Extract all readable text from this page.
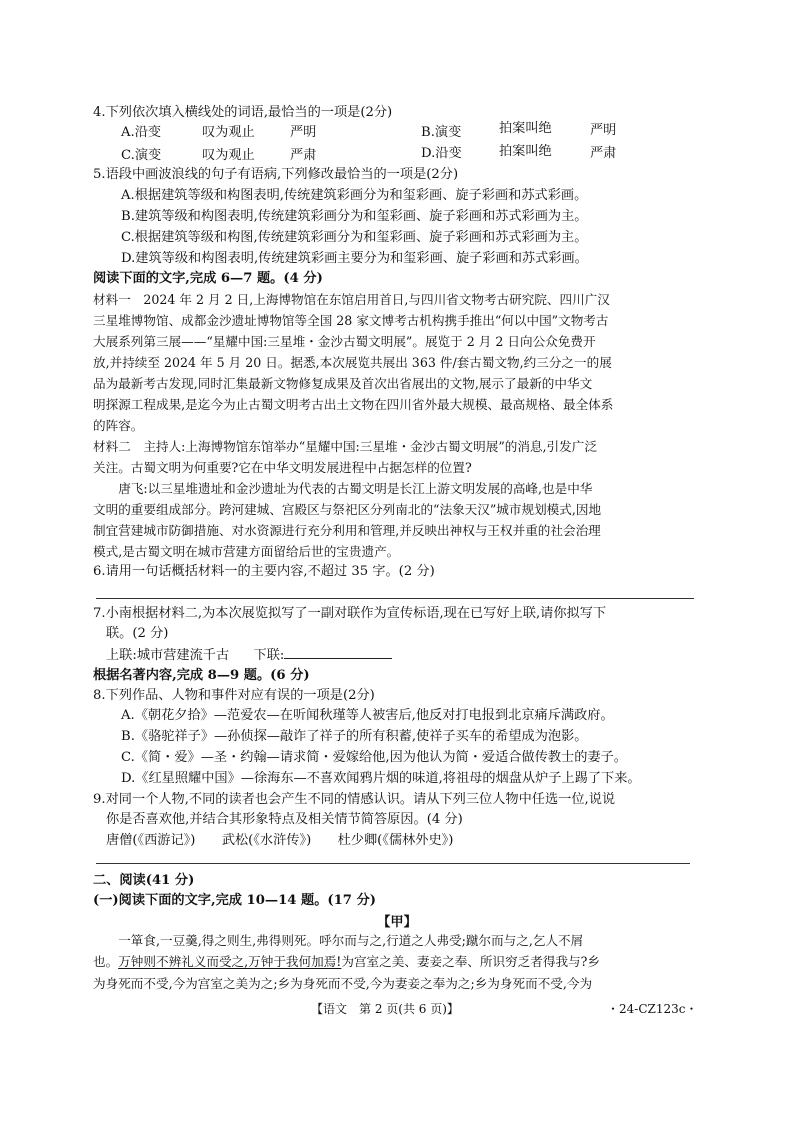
4.下列依次填入横线处的词语,最恰当的一项是(2分)
A.沿变	叹为观止	严明	B.演变	拍案叫绝	严明
C.演变	叹为观止	严肃	D.沿变	拍案叫绝	严肃
5.语段中画波浪线的句子有语病,下列修改最恰当的一项是(2分)
A.根据建筑等级和构图表明,传统建筑彩画分为和玺彩画、旋子彩画和苏式彩画。
B.建筑等级和构图表明,传统建筑彩画分为和玺彩画、旋子彩画和苏式彩画为主。
C.根据建筑等级和构图,传统建筑彩画分为和玺彩画、旋子彩画和苏式彩画为主。
D.建筑等级和构图表明,传统建筑彩画主要分为和玺彩画、旋子彩画和苏式彩画。
阅读下面的文字,完成 6—7 题。(4 分)
材料一　2024 年 2 月 2 日,上海博物馆在东馆启用首日,与四川省文物考古研究院、四川广汉
三星堆博物馆、成都金沙遗址博物馆等全国 28 家文博考古机构携手推出“何以中国”文物考古
大展系列第三展——“星耀中国:三星堆・金沙古蜀文明展”。展览于 2 月 2 日向公众免费开
放,并持续至 2024 年 5 月 20 日。据悉,本次展览共展出 363 件/套古蜀文物,约三分之一的展
品为最新考古发现,同时汇集最新文物修复成果及首次出省展出的文物,展示了最新的中华文
明探源工程成果,是迄今为止古蜀文明考古出土文物在四川省外最大规模、最高规格、最全体系
的阵容。
材料二　主持人:上海博物馆东馆举办“星耀中国:三星堆・金沙古蜀文明展”的消息,引发广泛
关注。古蜀文明为何重要?它在中华文明发展进程中占据怎样的位置?
　　唐飞:以三星堆遗址和金沙遗址为代表的古蜀文明是长江上游文明发展的高峰,也是中华
文明的重要组成部分。跨河建城、宫殿区与祭祀区分列南北的“法象天汉”城市规划模式,因地
制宜营建城市防御措施、对水资源进行充分利用和管理,并反映出神权与王权并重的社会治理
模式,是古蜀文明在城市营建方面留给后世的宝贵遗产。
6.请用一句话概括材料一的主要内容,不超过 35 字。(2 分)
7.小南根据材料二,为本次展览拟写了一副对联作为宣传标语,现在已写好上联,请你拟写下
联。(2 分)
上联:城市营建流千古 下联:
根据名著内容,完成 8—9 题。(6 分)
8.下列作品、人物和事件对应有误的一项是(2分)
A.《朝花夕拾》—范爱农—在听闻秋瑾等人被害后,他反对打电报到北京痛斥满政府。
B.《骆驼祥子》—孙侦探—敲诈了祥子的所有积蓄,使祥子买车的希望成为泡影。
C.《简・爱》—圣・约翰—请求简・爱嫁给他,因为他认为简・爱适合做传教士的妻子。
D.《红星照耀中国》—徐海东—不喜欢闻鸦片烟的味道,将祖母的烟盘从炉子上踢了下来。
9.对同一个人物,不同的读者也会产生不同的情感认识。请从下列三位人物中任选一位,说说
你是否喜欢他,并结合其形象特点及相关情节简答原因。(4 分)
唐僧(《西游记》) 武松(《水浒传》) 杜少卿(《儒林外史》)
二、阅读(41 分)
(一)阅读下面的文字,完成 10—14 题。(17 分)
【甲】
　　一箪食,一豆羹,得之则生,弗得则死。呼尔而与之,行道之人弗受;蹴尔而与之,乞人不屑
也。万钟则不辨礼义而受之,万钟于我何加焉!为宫室之美、妻妾之奉、所识穷乏者得我与?乡
为身死而不受,今为宫室之美为之;乡为身死而不受,今为妻妾之奉为之;乡为身死而不受,今为
【语文　第 2 页(共 6 页)】	・24-CZ123c・
